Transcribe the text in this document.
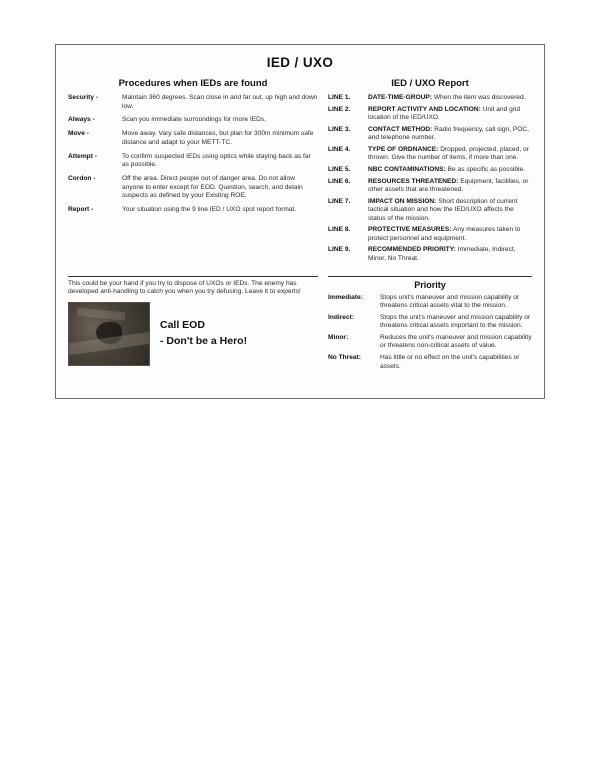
IED / UXO
Procedures when IEDs are found
Security -	Maintain 360 degrees. Scan close in and far out, up high and down low.
Always -	Scan you immediate surroundings for more IEDs.
Move -	Move away. Vary safe distances, but plan for 300m minimum safe distance and adapt to your METT-TC.
Attempt -	To confirm suspected IEDs using optics while staying back as far as possible.
Cordon -	Off the area. Direct people out of danger area. Do not allow anyone to enter except for EOD. Question, search, and detain suspects as defined by your Existing ROE.
Report -	Your situation using the 9 line IED / UXO spot report format.
IED / UXO Report
LINE 1.	DATE-TIME-GROUP: When the item was discovered.
LINE 2.	REPORT ACTIVITY AND LOCATION: Unit and grid location of the IED/UXO.
LINE 3.	CONTACT METHOD: Radio frequency, call sign, POC, and telephone number.
LINE 4.	TYPE OF ORDNANCE: Dropped, projected, placed, or thrown. Give the number of items, if more than one.
LINE 5.	NBC CONTAMINATIONS: Be as specific as possible.
LINE 6.	RESOURCES THREATENED: Equipment, facilities, or other assets that are threatened.
LINE 7.	IMPACT ON MISSION: Short description of current tactical situation and how the IED/UXO affects the status of the mission.
LINE 8.	PROTECTIVE MEASURES: Any measures taken to protect personnel and equipment.
LINE 9.	RECOMMENDED PRIORITY: Immediate, Indirect, Minor, No Threat.
This could be your hand if you try to dispose of UXOs or IEDs. The enemy has developed anti-handling to catch you when you try defusing. Leave it to experts!
Call EOD
- Don't be a Hero!
Priority
Immediate:	Stops unit's maneuver and mission capability or threatens critical assets vital to the mission.
Indirect:	Stops the unit's maneuver and mission capability or threatens critical assets important to the mission.
Minor:	Reduces the unit's maneuver and mission capability or threatens non-critical assets of value.
No Threat:	Has little or no effect on the unit's capabilities or assets.
